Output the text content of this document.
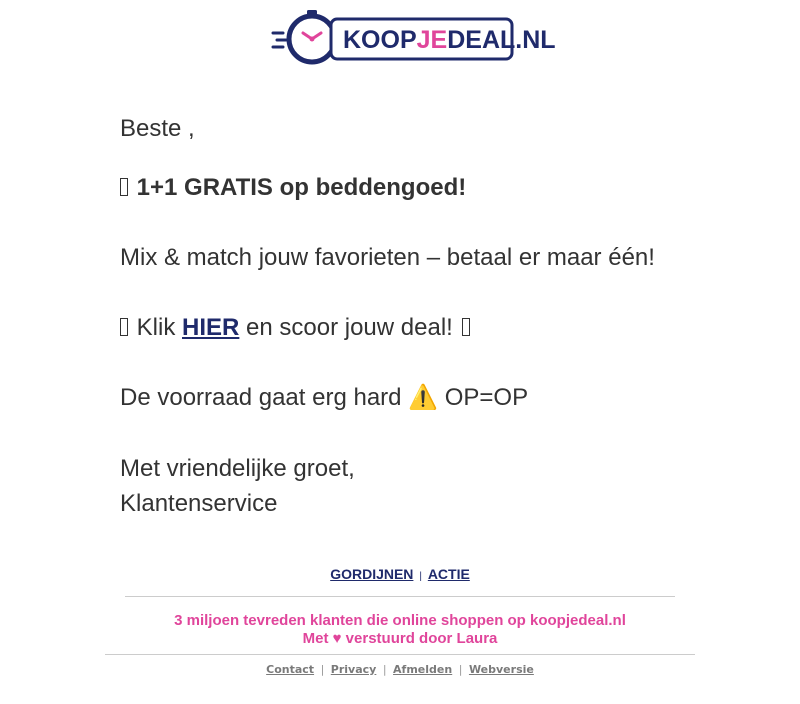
KOOPJEDEAL.NL
Beste ,
1+1 GRATIS op beddengoed!
Mix & match jouw favorieten – betaal er maar één!
Klik HIER en scoor jouw deal!
De voorraad gaat erg hard ⚠️ OP=OP
Met vriendelijke groet,
Klantenservice
GORDIJNEN | ACTIE
3 miljoen tevreden klanten die online shoppen op koopjedeal.nl
Met ♥ verstuurd door Laura
Contact | Privacy | Afmelden | Webversie
